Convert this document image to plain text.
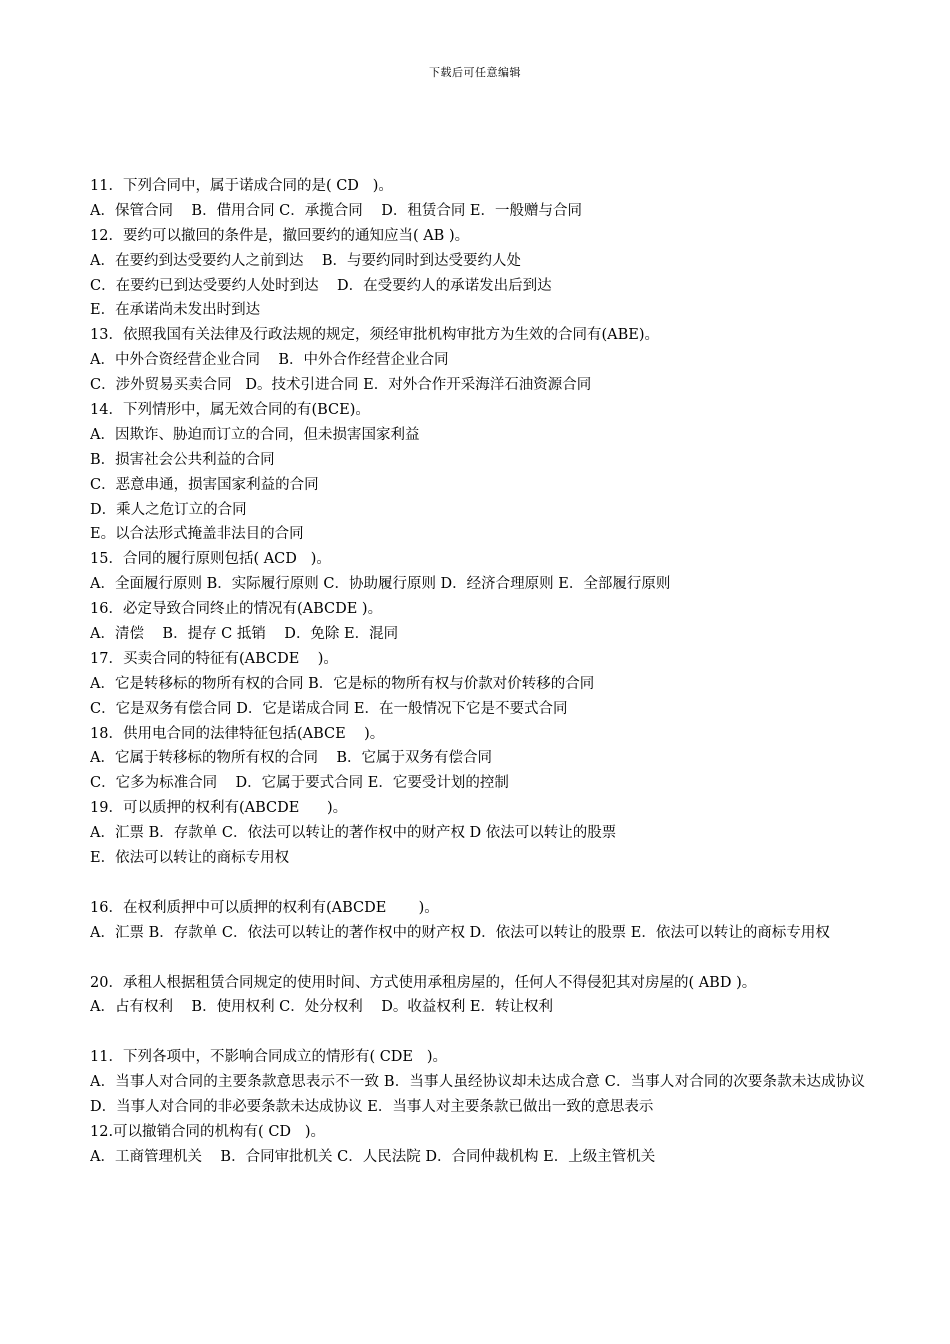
下载后可任意编辑
11．下列合同中，属于诺成合同的是( CD   )。
A．保管合同    B．借用合同 C．承揽合同    D．租赁合同 E．一般赠与合同
12．要约可以撤回的条件是，撤回要约的通知应当( AB )。
A．在要约到达受要约人之前到达    B．与要约同时到达受要约人处
C．在要约已到达受要约人处时到达    D．在受要约人的承诺发出后到达
E．在承诺尚未发出时到达
13．依照我国有关法律及行政法规的规定，须经审批机构审批方为生效的合同有(ABE)。
A．中外合资经营企业合同    B．中外合作经营企业合同
C．涉外贸易买卖合同   D。技术引进合同 E．对外合作开采海洋石油资源合同
14．下列情形中，属无效合同的有(BCE)。
A．因欺诈、胁迫而订立的合同，但未损害国家利益
B．损害社会公共利益的合同
C．恶意串通，损害国家利益的合同
D．乘人之危订立的合同
E。以合法形式掩盖非法目的合同
15．合同的履行原则包括( ACD   )。
A．全面履行原则 B．实际履行原则 C．协助履行原则 D．经济合理原则 E．全部履行原则
16．必定导致合同终止的情况有(ABCDE )。
A．清偿    B．提存 C 抵销    D．免除 E．混同
17．买卖合同的特征有(ABCDE    )。
A．它是转移标的物所有权的合同 B．它是标的物所有权与价款对价转移的合同
C．它是双务有偿合同 D．它是诺成合同 E．在一般情况下它是不要式合同
18．供用电合同的法律特征包括(ABCE    )。
A．它属于转移标的物所有权的合同    B．它属于双务有偿合同
C．它多为标准合同    D．它属于要式合同 E．它要受计划的控制
19．可以质押的权利有(ABCDE      )。
A．汇票 B．存款单 C．依法可以转让的著作权中的财产权 D 依法可以转让的股票
E．依法可以转让的商标专用权
16．在权利质押中可以质押的权利有(ABCDE       )。
A．汇票 B．存款单 C．依法可以转让的著作权中的财产权 D．依法可以转让的股票 E．依法可以转让的商标专用权
20．承租人根据租赁合同规定的使用时间、方式使用承租房屋的，任何人不得侵犯其对房屋的( ABD )。
A．占有权利    B．使用权利 C．处分权利    D。收益权利 E．转让权利
11．下列各项中，不影响合同成立的情形有( CDE   )。
A．当事人对合同的主要条款意思表示不一致 B．当事人虽经协议却未达成合意 C．当事人对合同的次要条款未达成协议 D．当事人对合同的非必要条款未达成协议 E．当事人对主要条款已做出一致的意思表示
12.可以撤销合同的机构有( CD   )。
A．工商管理机关    B．合同审批机关 C．人民法院 D．合同仲裁机构 E．上级主管机关
